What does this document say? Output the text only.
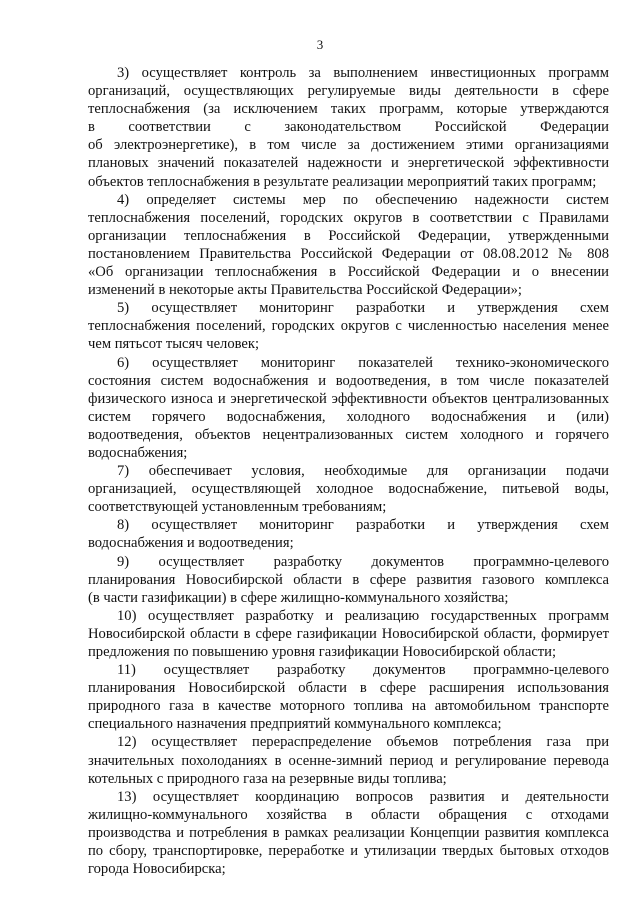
3
3) осуществляет контроль за выполнением инвестиционных программ
организаций, осуществляющих регулируемые виды деятельности в сфере
теплоснабжения (за исключением таких программ, которые утверждаются
в соответствии с законодательством Российской Федерации
об электроэнергетике), в том числе за достижением этими организациями
плановых значений показателей надежности и энергетической эффективности
объектов теплоснабжения в результате реализации мероприятий таких программ;
4) определяет системы мер по обеспечению надежности систем
теплоснабжения поселений, городских округов в соответствии с Правилами
организации теплоснабжения в Российской Федерации, утвержденными
постановлением Правительства Российской Федерации от 08.08.2012 № 808
«Об организации теплоснабжения в Российской Федерации и о внесении
изменений в некоторые акты Правительства Российской Федерации»;
5) осуществляет мониторинг разработки и утверждения схем
теплоснабжения поселений, городских округов с численностью населения менее
чем пятьсот тысяч человек;
6) осуществляет мониторинг показателей технико-экономического
состояния систем водоснабжения и водоотведения, в том числе показателей
физического износа и энергетической эффективности объектов централизованных
систем горячего водоснабжения, холодного водоснабжения и (или)
водоотведения, объектов нецентрализованных систем холодного и горячего
водоснабжения;
7) обеспечивает условия, необходимые для организации подачи
организацией, осуществляющей холодное водоснабжение, питьевой воды,
соответствующей установленным требованиям;
8) осуществляет мониторинг разработки и утверждения схем
водоснабжения и водоотведения;
9) осуществляет разработку документов программно-целевого
планирования Новосибирской области в сфере развития газового комплекса
(в части газификации) в сфере жилищно-коммунального хозяйства;
10) осуществляет разработку и реализацию государственных программ
Новосибирской области в сфере газификации Новосибирской области, формирует
предложения по повышению уровня газификации Новосибирской области;
11) осуществляет разработку документов программно-целевого
планирования Новосибирской области в сфере расширения использования
природного газа в качестве моторного топлива на автомобильном транспорте
специального назначения предприятий коммунального комплекса;
12) осуществляет перераспределение объемов потребления газа при
значительных похолоданиях в осенне-зимний период и регулирование перевода
котельных с природного газа на резервные виды топлива;
13) осуществляет координацию вопросов развития и деятельности
жилищно-коммунального хозяйства в области обращения с отходами
производства и потребления в рамках реализации Концепции развития комплекса
по сбору, транспортировке, переработке и утилизации твердых бытовых отходов
города Новосибирска;
